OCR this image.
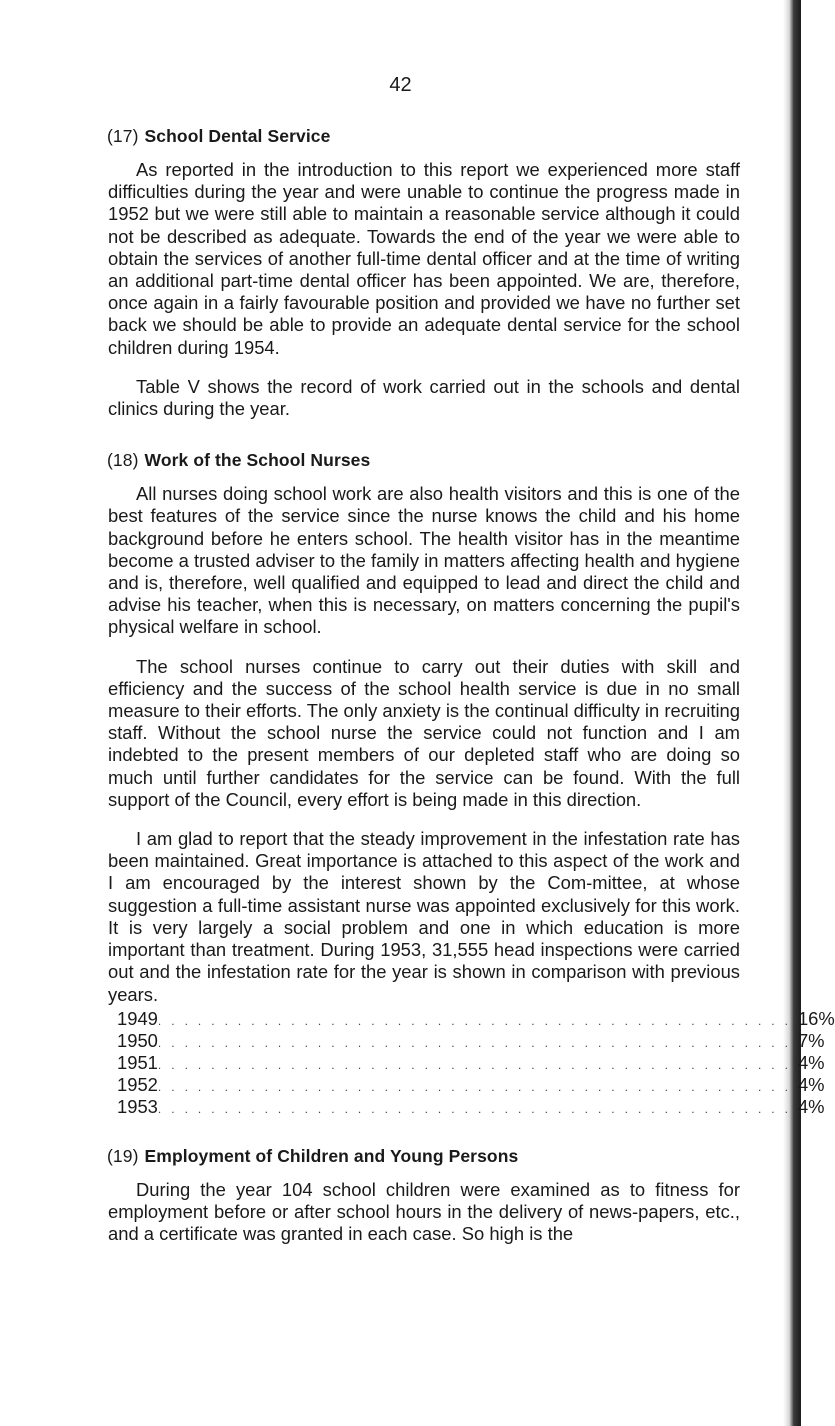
42
(17) School Dental Service

As reported in the introduction to this report we experienced more staff difficulties during the year and were unable to continue the progress made in 1952 but we were still able to maintain a reasonable service although it could not be described as adequate. Towards the end of the year we were able to obtain the services of another full-time dental officer and at the time of writing an additional part-time dental officer has been appointed. We are, therefore, once again in a fairly favourable position and provided we have no further set back we should be able to provide an adequate dental service for the school children during 1954.

Table V shows the record of work carried out in the schools and dental clinics during the year.

(18) Work of the School Nurses

All nurses doing school work are also health visitors and this is one of the best features of the service since the nurse knows the child and his home background before he enters school. The health visitor has in the meantime become a trusted adviser to the family in matters affecting health and hygiene and is, therefore, well qualified and equipped to lead and direct the child and advise his teacher, when this is necessary, on matters concerning the pupil's physical welfare in school.

The school nurses continue to carry out their duties with skill and efficiency and the success of the school health service is due in no small measure to their efforts. The only anxiety is the continual difficulty in recruiting staff. Without the school nurse the service could not function and I am indebted to the present members of our depleted staff who are doing so much until further candidates for the service can be found. With the full support of the Council, every effort is being made in this direction.

I am glad to report that the steady improvement in the infestation rate has been maintained. Great importance is attached to this aspect of the work and I am encouraged by the interest shown by the Com-mittee, at whose suggestion a full-time assistant nurse was appointed exclusively for this work. It is very largely a social problem and one in which education is more important than treatment. During 1953, 31,555 head inspections were carried out and the infestation rate for the year is shown in comparison with previous years.

1949 ................................................ 16%
1950 ................................................ 7%
1951 ................................................ 4%
1952 ................................................ 4%
1953 ................................................ 4%
(19) Employment of Children and Young Persons

During the year 104 school children were examined as to fitness for employment before or after school hours in the delivery of news-papers, etc., and a certificate was granted in each case. So high is the
